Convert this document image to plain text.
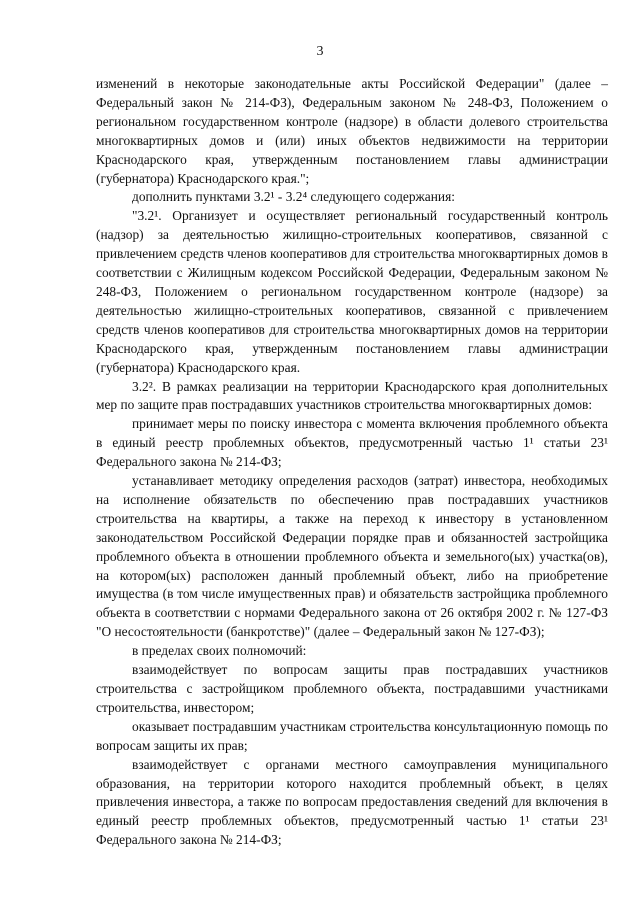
3

изменений в некоторые законодательные акты Российской Федерации" (далее – Федеральный закон № 214-ФЗ), Федеральным законом № 248-ФЗ, Положением о региональном государственном контроле (надзоре) в области долевого строительства многоквартирных домов и (или) иных объектов недвижимости на территории Краснодарского края, утвержденным постановлением главы администрации (губернатора) Краснодарского края.";

дополнить пунктами 3.2¹ - 3.2⁴ следующего содержания:

"3.2¹. Организует и осуществляет региональный государственный контроль (надзор) за деятельностью жилищно-строительных кооперативов, связанной с привлечением средств членов кооперативов для строительства многоквартирных домов в соответствии с Жилищным кодексом Российской Федерации, Федеральным законом № 248-ФЗ, Положением о региональном государственном контроле (надзоре) за деятельностью жилищно-строительных кооперативов, связанной с привлечением средств членов кооперативов для строительства многоквартирных домов на территории Краснодарского края, утвержденным постановлением главы администрации (губернатора) Краснодарского края.

3.2². В рамках реализации на территории Краснодарского края дополнительных мер по защите прав пострадавших участников строительства многоквартирных домов:

принимает меры по поиску инвестора с момента включения проблемного объекта в единый реестр проблемных объектов, предусмотренный частью 1¹ статьи 23¹ Федерального закона № 214-ФЗ;

устанавливает методику определения расходов (затрат) инвестора, необходимых на исполнение обязательств по обеспечению прав пострадавших участников строительства на квартиры, а также на переход к инвестору в установленном законодательством Российской Федерации порядке прав и обязанностей застройщика проблемного объекта в отношении проблемного объекта и земельного(ых) участка(ов), на котором(ых) расположен данный проблемный объект, либо на приобретение имущества (в том числе имущественных прав) и обязательств застройщика проблемного объекта в соответствии с нормами Федерального закона от 26 октября 2002 г. № 127-ФЗ "О несостоятельности (банкротстве)" (далее – Федеральный закон № 127-ФЗ);

в пределах своих полномочий:

взаимодействует по вопросам защиты прав пострадавших участников строительства с застройщиком проблемного объекта, пострадавшими участниками строительства, инвестором;

оказывает пострадавшим участникам строительства консультационную помощь по вопросам защиты их прав;

взаимодействует с органами местного самоуправления муниципального образования, на территории которого находится проблемный объект, в целях привлечения инвестора, а также по вопросам предоставления сведений для включения в единый реестр проблемных объектов, предусмотренный частью 1¹ статьи 23¹ Федерального закона № 214-ФЗ;
